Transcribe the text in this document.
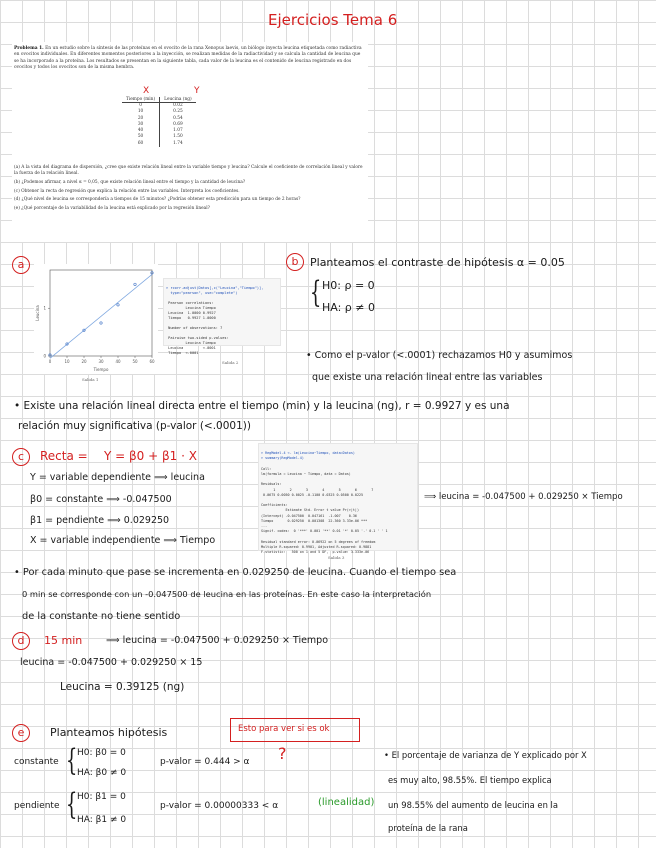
Ejercicios Tema 6
Problema 1. En un estudio sobre la síntesis de las proteínas en el ovocito de la rana Xenopus laevis, un biólogo inyecta leucina etiquetada como radiactiva en ovocitos individuales. En diferentes momentos posteriores a la inyección, se realizan medidas de la radiactividad y se calcula la cantidad de leucina que se ha incorporado a la proteína. Los resultados se presentan en la siguiente tabla, cada valor de la leucina es el contenido de leucina registrado en dos ovocitos y todos los ovocitos son de la misma hembra.
X	Y
Tiempo (min)	Leucina (ng)
0	0.02
10	0.25
20	0.54
30	0.69
40	1.07
50	1.50
60	1.74
(a) A la vista del diagrama de dispersión, ¿cree que existe relación lineal entre la variable tiempo y leucina? Calcule el coeficiente de correlación lineal y valore la fuerza de la relación lineal.
(b) ¿Podemos afirmar, a nivel α = 0,05, que existe relación lineal entre el tiempo y la cantidad de leucina?
(c) Obtener la recta de regresión que explica la relación entre las variables. Interpreta los coeficientes.
(d) ¿Qué nivel de leucina se correspondería a tiempos de 15 minutos? ¿Podrías obtener esta predicción para un tiempo de 2 horas?
(e) ¿Qué porcentaje de la variabilidad de la leucina está explicado por la regresión lineal?
a
0	10	20	30	40	50	60
0
1
Tiempo
Leucina
Salida 1

> rcorr.adjust(Datos[,c("Leucina","Tiempo")],
type="pearson", use="complete")

Pearson correlations:
Leucina Tiempo
Leucina  1.0000 0.9927
Tiempo   0.9927 1.0000

Number of observations: 7

Pairwise two-sided p-values:
Leucina Tiempo
Leucina         <.0001
Tiempo  <.0001

Salida 2
b	Planteamos el contraste de hipótesis α = 0.05
{ H0: ρ = 0
HA: ρ ≠ 0
• Como el p-valor (<.0001) rechazamos H0 y asumimos
que existe una relación lineal entre las variables
• Existe una relación lineal directa entre el tiempo (min) y la leucina (ng), r = 0.9927 y es una
relación muy significativa (p-valor (<.0001))
c	Recta = Y = β0 + β1 · X
Y = variable dependiente ⟹ leucina
β0 = constante ⟹ -0.047500
β1 = pendiente ⟹ 0.029250
X = variable independiente ⟹ Tiempo

> RegModel.4 <- lm(Leucina~Tiempo, data=Datos)
> summary(RegModel.4)

Call:
lm(formula = Leucina ~ Tiempo, data = Datos)

Residuals:
1       2       3       4       5       6       7
0.0675 0.0050 0.0025 -0.1100 0.0325 0.0500 0.0225

Coefficients:
Estimate Std. Error t value Pr(>|t|)
(Intercept) -0.047500  0.047161  -1.007    0.36
Tiempo       0.029250  0.001308  22.360 3.33e-06 ***
---
Signif. codes:  0 '***' 0.001 '**' 0.01 '*' 0.05 '.' 0.1 ' ' 1

Residual standard error: 0.06922 on 5 degrees of freedom
Multiple R-squared: 0.9901, Adjusted R-squared: 0.9881
F-statistic:   500 on 1 and 5 DF,  p-value: 3.333e-06

Salida 3
⟹ leucina = -0.047500 + 0.029250 × Tiempo
• Por cada minuto que pase se incrementa en 0.029250 de leucina. Cuando el tiempo sea
0 min se corresponde con un -0.047500 de leucina en las proteínas. En este caso la interpretación
de la constante no tiene sentido
d	15 min	⟹ leucina = -0.047500 + 0.029250 × Tiempo
leucina = -0.047500 + 0.029250 × 15
Leucina = 0.39125 (ng)
e	Planteamos hipótesis	Esto para ver si es ok
constante { H0: β0 = 0
HA: β0 ≠ 0
p-valor = 0.444 > α ?
pendiente { H0: β1 = 0
HA: β1 ≠ 0
p-valor = 0.00000333 < α	(linealidad)
• El porcentaje de varianza de Y explicado por X
es muy alto, 98.55%. El tiempo explica
un 98.55% del aumento de leucina en la
proteína de la rana
